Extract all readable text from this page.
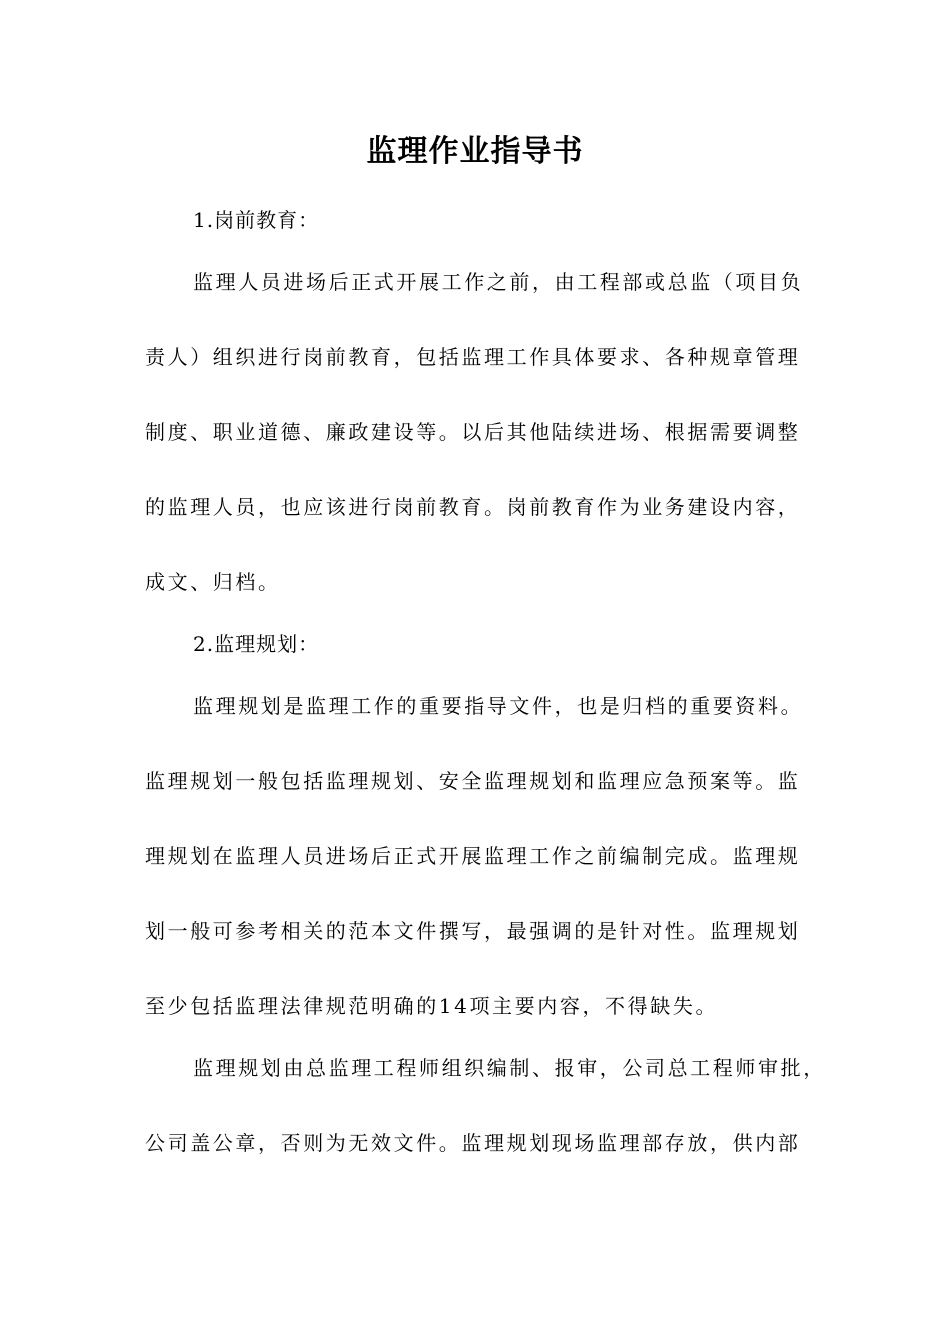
监理作业指导书
1.岗前教育：
监理人员进场后正式开展工作之前，由工程部或总监（项目负
责人）组织进行岗前教育，包括监理工作具体要求、各种规章管理
制度、职业道德、廉政建设等。以后其他陆续进场、根据需要调整
的监理人员，也应该进行岗前教育。岗前教育作为业务建设内容，
成文、归档。
2.监理规划：
监理规划是监理工作的重要指导文件，也是归档的重要资料。
监理规划一般包括监理规划、安全监理规划和监理应急预案等。监
理规划在监理人员进场后正式开展监理工作之前编制完成。监理规
划一般可参考相关的范本文件撰写，最强调的是针对性。监理规划
至少包括监理法律规范明确的14项主要内容，不得缺失。
监理规划由总监理工程师组织编制、报审，公司总工程师审批，
公司盖公章，否则为无效文件。监理规划现场监理部存放，供内部
